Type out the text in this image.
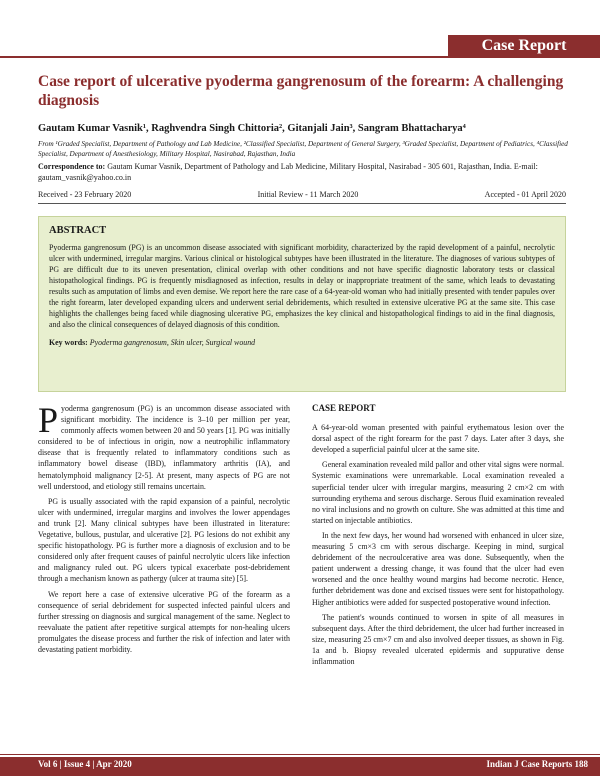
Case Report
Case report of ulcerative pyoderma gangrenosum of the forearm: A challenging diagnosis
Gautam Kumar Vasnik¹, Raghvendra Singh Chittoria², Gitanjali Jain³, Sangram Bhattacharya⁴
From ¹Graded Specialist, Department of Pathology and Lab Medicine, ²Classified Specialist, Department of General Surgery, ³Graded Specialist, Department of Pediatrics, ⁴Classified Specialist, Department of Anesthesiology, Military Hospital, Nasirabad, Rajasthan, India
Correspondence to: Gautam Kumar Vasnik, Department of Pathology and Lab Medicine, Military Hospital, Nasirabad - 305 601, Rajasthan, India. E-mail: gautam_vasnik@yahoo.co.in
Received - 23 February 2020	Initial Review - 11 March 2020	Accepted - 01 April 2020
ABSTRACT
Pyoderma gangrenosum (PG) is an uncommon disease associated with significant morbidity, characterized by the rapid development of a painful, necrolytic ulcer with undermined, irregular margins. Various clinical or histological subtypes have been illustrated in the literature. The diagnoses of various subtypes of PG are difficult due to its uneven presentation, clinical overlap with other conditions and not have specific diagnostic laboratory tests or classical histopathological findings. PG is frequently misdiagnosed as infection, results in delay or inappropriate treatment of the same, which leads to devastating results such as amputation of limbs and even demise. We report here the rare case of a 64-year-old woman who had initially presented with tender papules over the right forearm, later developed expanding ulcers and underwent serial debridements, which resulted in extensive ulcerative PG at the same site. This case highlights the challenges being faced while diagnosing ulcerative PG, emphasizes the key clinical and histopathological findings to aid in the final diagnosis, and also the clinical consequences of delayed diagnosis of this condition.
Key words: Pyoderma gangrenosum, Skin ulcer, Surgical wound

Pyoderma gangrenosum (PG) is an uncommon disease associated with significant morbidity. The incidence is 3–10 per million per year, commonly affects women between 20 and 50 years [1]. PG was initially considered to be of infectious in origin, now a neutrophilic inflammatory disease that is frequently related to inflammatory conditions such as inflammatory bowel disease (IBD), inflammatory arthritis (IA), and hematolymphoid malignancy [2-5]. At present, many aspects of PG are not well understood, and etiology still remains uncertain.

PG is usually associated with the rapid expansion of a painful, necrolytic ulcer with undermined, irregular margins and involves the lower appendages and trunk [2]. Many clinical subtypes have been illustrated in literature: Vegetative, bullous, pustular, and ulcerative [2]. PG lesions do not exhibit any specific histopathology. PG is further more a diagnosis of exclusion and to be considered only after frequent causes of painful necrolytic ulcers like infection and malignancy ruled out. PG ulcers typical exacerbate post-debridement through a mechanism known as pathergy (ulcer at trauma site) [5].

We report here a case of extensive ulcerative PG of the forearm as a consequence of serial debridement for suspected infected painful ulcers and further stressing on diagnosis and surgical management of the same. Neglect to reevaluate the patient after repetitive surgical attempts for non-healing ulcers promulgates the disease process and further the risk of infection and later with devastating patient morbidity.

CASE REPORT

A 64-year-old woman presented with painful erythematous lesion over the dorsal aspect of the right forearm for the past 7 days. Later after 3 days, she developed a superficial painful ulcer at the same site.

General examination revealed mild pallor and other vital signs were normal. Systemic examinations were unremarkable. Local examination revealed a superficial tender ulcer with irregular margins, measuring 2 cm×2 cm with surrounding erythema and serous discharge. Serous fluid examination revealed no viral inclusions and no growth on culture. She was admitted at this time and started on injectable antibiotics.

In the next few days, her wound had worsened with enhanced in ulcer size, measuring 5 cm×3 cm with serous discharge. Keeping in mind, surgical debridement of the necroulcerative area was done. Subsequently, when the patient underwent a dressing change, it was found that the ulcer had even worsened and the once healthy wound margins had become necrotic. Hence, further debridement was done and excised tissues were sent for histopathology. Higher antibiotics were added for suspected postoperative wound infection.

The patient's wounds continued to worsen in spite of all measures in subsequent days. After the third debridement, the ulcer had further increased in size, measuring 25 cm×7 cm and also involved deeper tissues, as shown in Fig. 1a and b. Biopsy revealed ulcerated epidermis and suppurative dense inflammation

Vol 6 | Issue 4 | Apr 2020	Indian J Case Reports 188
